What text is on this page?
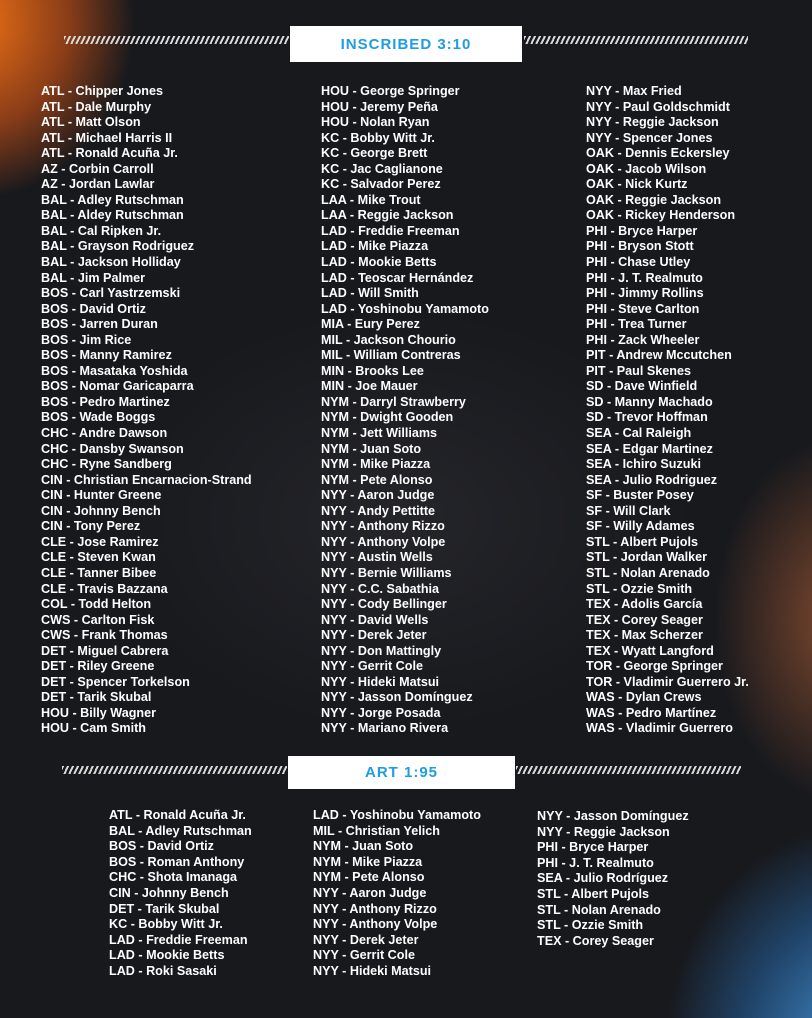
INSCRIBED 3:10
ATL - Chipper Jones
ATL - Dale Murphy
ATL - Matt Olson
ATL - Michael Harris II
ATL - Ronald Acuña Jr.
AZ - Corbin Carroll
AZ - Jordan Lawlar
BAL - Adley Rutschman
BAL - Aldey Rutschman
BAL - Cal Ripken Jr.
BAL - Grayson Rodriguez
BAL - Jackson Holliday
BAL - Jim Palmer
BOS - Carl Yastrzemski
BOS - David Ortiz
BOS - Jarren Duran
BOS - Jim Rice
BOS - Manny Ramirez
BOS - Masataka Yoshida
BOS - Nomar Garicaparra
BOS - Pedro Martinez
BOS - Wade Boggs
CHC - Andre Dawson
CHC - Dansby Swanson
CHC - Ryne Sandberg
CIN - Christian Encarnacion-Strand
CIN - Hunter Greene
CIN - Johnny Bench
CIN - Tony Perez
CLE - Jose Ramirez
CLE - Steven Kwan
CLE - Tanner Bibee
CLE - Travis Bazzana
COL - Todd Helton
CWS - Carlton Fisk
CWS - Frank Thomas
DET - Miguel Cabrera
DET - Riley Greene
DET - Spencer Torkelson
DET - Tarik Skubal
HOU - Billy Wagner
HOU - Cam Smith
HOU - George Springer
HOU - Jeremy Peña
HOU - Nolan Ryan
KC - Bobby Witt Jr.
KC - George Brett
KC - Jac Caglianone
KC - Salvador Perez
LAA - Mike Trout
LAA - Reggie Jackson
LAD - Freddie Freeman
LAD - Mike Piazza
LAD - Mookie Betts
LAD - Teoscar Hernández
LAD - Will Smith
LAD - Yoshinobu Yamamoto
MIA - Eury Perez
MIL - Jackson Chourio
MIL - William Contreras
MIN - Brooks Lee
MIN - Joe Mauer
NYM - Darryl Strawberry
NYM - Dwight Gooden
NYM - Jett Williams
NYM - Juan Soto
NYM - Mike Piazza
NYM - Pete Alonso
NYY - Aaron Judge
NYY - Andy Pettitte
NYY - Anthony Rizzo
NYY - Anthony Volpe
NYY - Austin Wells
NYY - Bernie Williams
NYY - C.C. Sabathia
NYY - Cody Bellinger
NYY - David Wells
NYY - Derek Jeter
NYY - Don Mattingly
NYY - Gerrit Cole
NYY - Hideki Matsui
NYY - Jasson Domínguez
NYY - Jorge Posada
NYY - Mariano Rivera
NYY - Max Fried
NYY - Paul Goldschmidt
NYY - Reggie Jackson
NYY - Spencer Jones
OAK - Dennis Eckersley
OAK - Jacob Wilson
OAK - Nick Kurtz
OAK - Reggie Jackson
OAK - Rickey Henderson
PHI - Bryce Harper
PHI - Bryson Stott
PHI - Chase Utley
PHI - J. T. Realmuto
PHI - Jimmy Rollins
PHI - Steve Carlton
PHI - Trea Turner
PHI - Zack Wheeler
PIT - Andrew Mccutchen
PIT - Paul Skenes
SD - Dave Winfield
SD - Manny Machado
SD - Trevor Hoffman
SEA - Cal Raleigh
SEA - Edgar Martinez
SEA - Ichiro Suzuki
SEA - Julio Rodriguez
SF - Buster Posey
SF - Will Clark
SF - Willy Adames
STL - Albert Pujols
STL - Jordan Walker
STL - Nolan Arenado
STL - Ozzie Smith
TEX - Adolis García
TEX - Corey Seager
TEX - Max Scherzer
TEX - Wyatt Langford
TOR - George Springer
TOR - Vladimir Guerrero Jr.
WAS - Dylan Crews
WAS - Pedro Martínez
WAS - Vladimir Guerrero
ART 1:95
ATL - Ronald Acuña Jr.
BAL - Adley Rutschman
BOS - David Ortiz
BOS - Roman Anthony
CHC - Shota Imanaga
CIN - Johnny Bench
DET - Tarik Skubal
KC - Bobby Witt Jr.
LAD - Freddie Freeman
LAD - Mookie Betts
LAD - Roki Sasaki
LAD - Yoshinobu Yamamoto
MIL - Christian Yelich
NYM - Juan Soto
NYM - Mike Piazza
NYM - Pete Alonso
NYY - Aaron Judge
NYY - Anthony Rizzo
NYY - Anthony Volpe
NYY - Derek Jeter
NYY - Gerrit Cole
NYY - Hideki Matsui
NYY - Jasson Domínguez
NYY - Reggie Jackson
PHI - Bryce Harper
PHI - J. T. Realmuto
SEA - Julio Rodríguez
STL - Albert Pujols
STL - Nolan Arenado
STL - Ozzie Smith
TEX - Corey Seager
